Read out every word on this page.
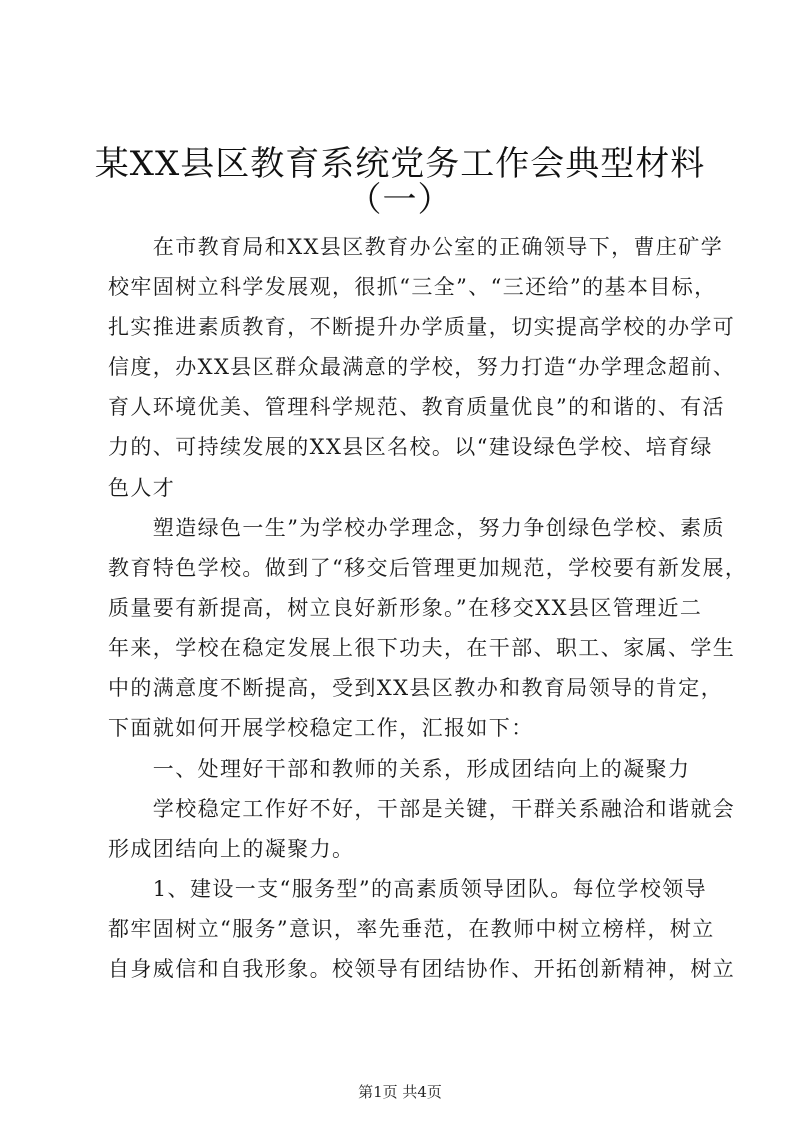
某XX县区教育系统党务工作会典型材料
（一）
　　在市教育局和XX县区教育办公室的正确领导下，曹庄矿学
校牢固树立科学发展观，很抓“三全”、“三还给”的基本目标，
扎实推进素质教育，不断提升办学质量，切实提高学校的办学可
信度，办XX县区群众最满意的学校，努力打造“办学理念超前、
育人环境优美、管理科学规范、教育质量优良”的和谐的、有活
力的、可持续发展的XX县区名校。以“建设绿色学校、培育绿
色人才
　　塑造绿色一生”为学校办学理念，努力争创绿色学校、素质
教育特色学校。做到了“移交后管理更加规范，学校要有新发展，
质量要有新提高，树立良好新形象。”在移交XX县区管理近二
年来，学校在稳定发展上很下功夫，在干部、职工、家属、学生
中的满意度不断提高，受到XX县区教办和教育局领导的肯定，
下面就如何开展学校稳定工作，汇报如下：
　　一、处理好干部和教师的关系，形成团结向上的凝聚力
　　学校稳定工作好不好，干部是关键，干群关系融洽和谐就会
形成团结向上的凝聚力。
　　1、建设一支“服务型”的高素质领导团队。每位学校领导
都牢固树立“服务”意识，率先垂范，在教师中树立榜样，树立
自身威信和自我形象。校领导有团结协作、开拓创新精神，树立
第1页 共4页
